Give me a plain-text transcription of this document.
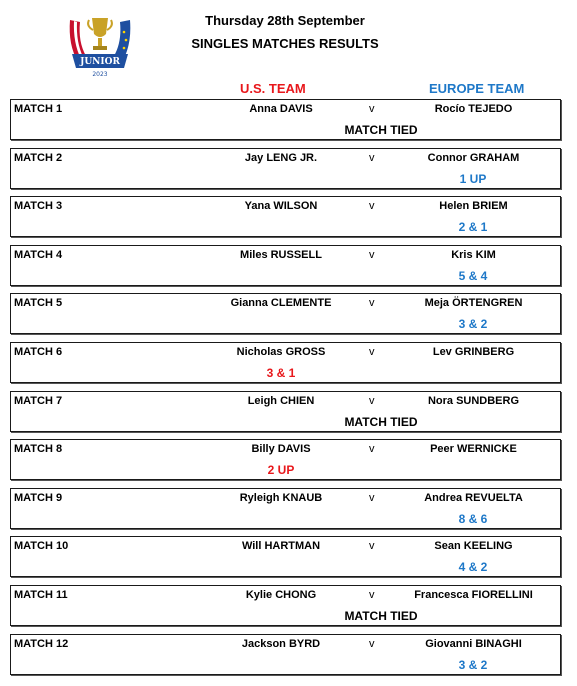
JUNIOR
2023
Thursday 28th September
SINGLES MATCHES RESULTS
U.S. TEAM	EUROPE TEAM
MATCH 1	Anna DAVIS	v	Rocío TEJEDO
MATCH TIED
MATCH 2	Jay LENG JR.	v	Connor GRAHAM
1 UP
MATCH 3	Yana WILSON	v	Helen BRIEM
2 & 1
MATCH 4	Miles RUSSELL	v	Kris KIM
5 & 4
MATCH 5	Gianna CLEMENTE	v	Meja ÖRTENGREN
3 & 2
MATCH 6	Nicholas GROSS	v	Lev GRINBERG
3 & 1
MATCH 7	Leigh CHIEN	v	Nora SUNDBERG
MATCH TIED
MATCH 8	Billy DAVIS	v	Peer WERNICKE
2 UP
MATCH 9	Ryleigh KNAUB	v	Andrea REVUELTA
8 & 6
MATCH 10	Will HARTMAN	v	Sean KEELING
4 & 2
MATCH 11	Kylie CHONG	v	Francesca FIORELLINI
MATCH TIED
MATCH 12	Jackson BYRD	v	Giovanni BINAGHI
3 & 2
